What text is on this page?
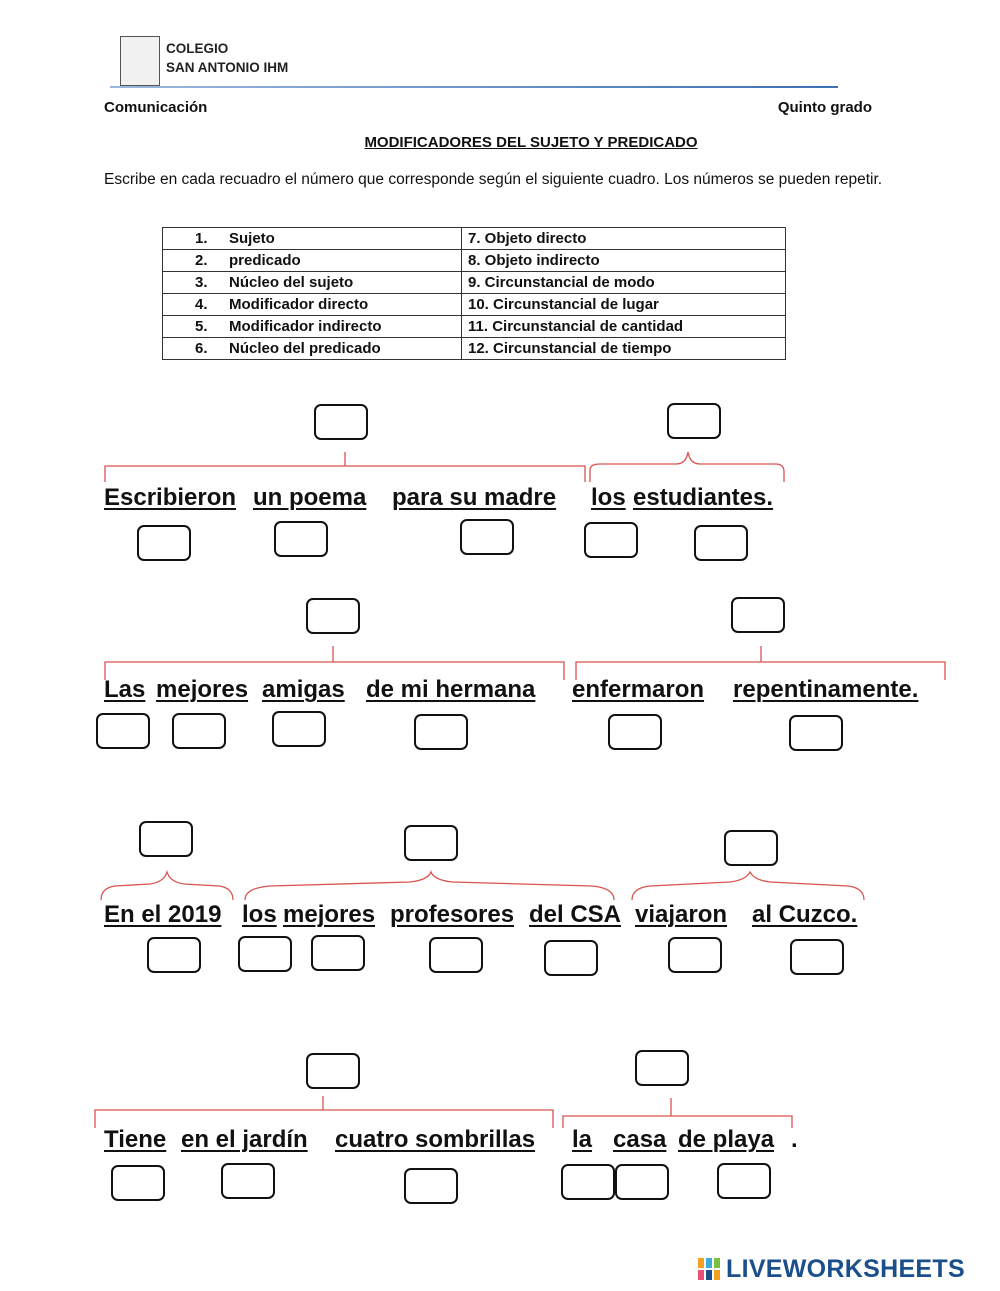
COLEGIO
SAN ANTONIO IHM
Comunicación	Quinto grado
MODIFICADORES DEL SUJETO Y PREDICADO
Escribe en cada recuadro el número que corresponde según el siguiente cuadro. Los números se pueden repetir.
1. Sujeto	7. Objeto directo
2. predicado	8. Objeto indirecto
3. Núcleo del sujeto	9. Circunstancial de modo
4. Modificador directo	10. Circunstancial de lugar
5. Modificador indirecto	11. Circunstancial de cantidad
6. Núcleo del predicado	12. Circunstancial de tiempo
Escribieron un poema para su madre los estudiantes.
Las mejores amigas de mi hermana enfermaron repentinamente.
En el 2019 los mejores profesores del CSA viajaron al Cuzco.
Tiene en el jardín cuatro sombrillas la casa de playa .
LIVEWORKSHEETS
